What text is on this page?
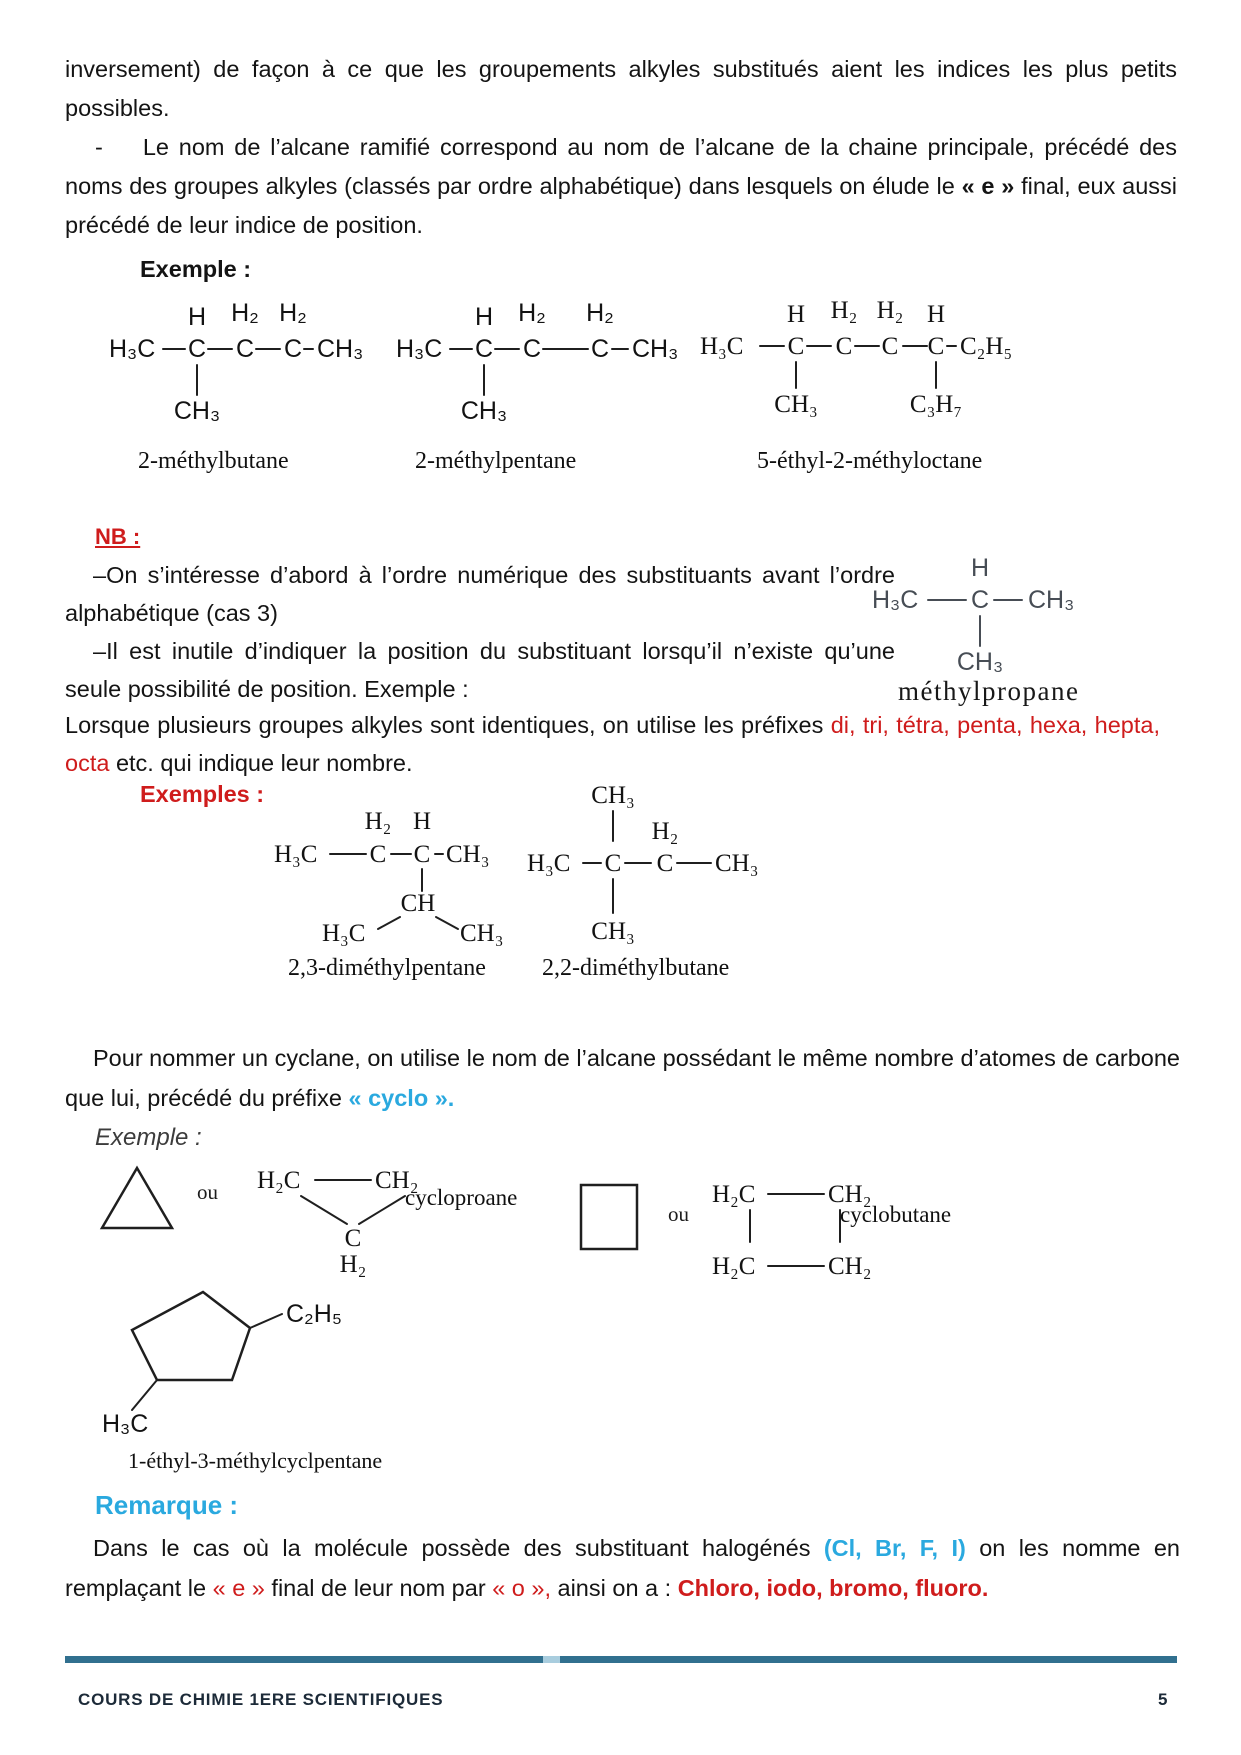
inversement) de façon à ce que les groupements alkyles substitués aient les indices les plus petits possibles.

- Le nom de l’alcane ramifié correspond au nom de l’alcane de la chaine principale, précédé des noms des groupes alkyles (classés par ordre alphabétique) dans lesquels on élude le « e » final, eux aussi précédé de leur indice de position.

Exemple :
H₃C
H H₂ H₂
C C C CH₃
CH₃
H₃C
H H₂ H₂
C C C CH₃
CH₃
H₃C
H H₂ H₂ H
C C C C C₂H₅
CH₃	C₃H₇
2-méthylbutane	2-méthylpentane	5-éthyl-2-méthyloctane
NB :

–On s’intéresse d’abord à l’ordre numérique des substituants avant l’ordre alphabétique (cas 3)

–Il est inutile d’indiquer la position du substituant lorsqu’il n’existe qu’une seule possibilité de position. Exemple :

H₃C
H
C CH₃
CH₃
méthylpropane

Lorsque plusieurs groupes alkyles sont identiques, on utilise les préfixes di, tri, tétra, penta, hexa, hepta, octa etc. qui indique leur nombre.

Exemples :
H₃C
H₂ H
C C CH₃
CH
H₃C	CH₃
CH₃
H₂
H₃C C C CH₃
CH₃
2,3-diméthylpentane 2,2-diméthylbutane

Pour nommer un cyclane, on utilise le nom de l’alcane possédant le même nombre d’atomes de carbone que lui, précédé du préfixe « cyclo ».

Exemple :
ou H₂C	CH₂
C
H₂
cycloproane
ou
H₂C	CH₂
H₂C	CH₂
cyclobutane
C₂H₅
H₃C
1-éthyl-3-méthylcyclpentane
Remarque :

Dans le cas où la molécule possède des substituant halogénés (Cl, Br, F, I) on les nomme en remplaçant le « e » final de leur nom par « o », ainsi on a : Chloro, iodo, bromo, fluoro.

COURS DE CHIMIE 1ERE SCIENTIFIQUES	5
